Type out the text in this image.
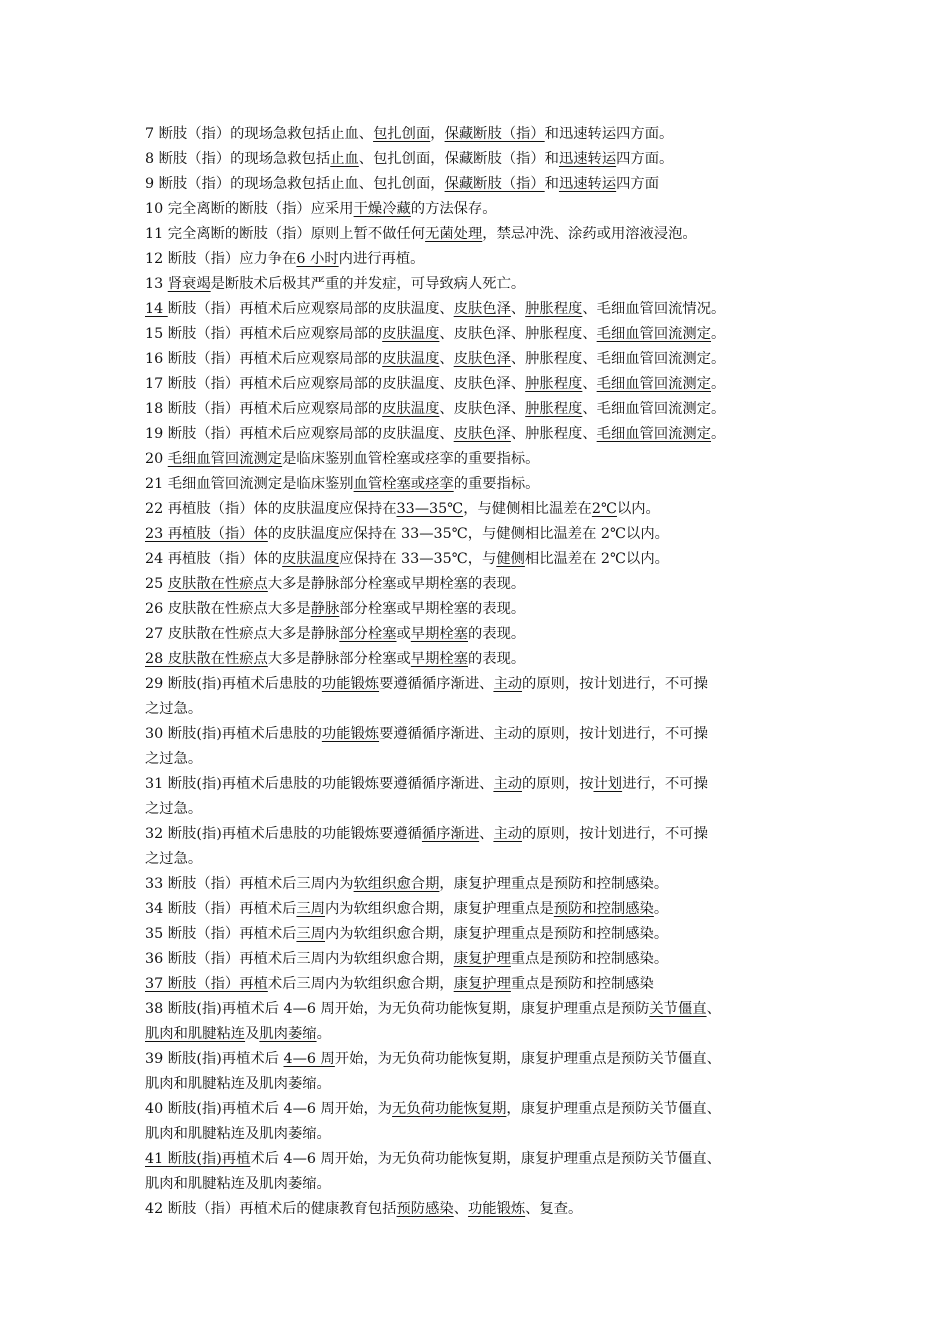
7 断肢（指）的现场急救包括止血、包扎创面，保藏断肢（指）和迅速转运四方面。
8 断肢（指）的现场急救包括止血、包扎创面，保藏断肢（指）和迅速转运四方面。
9 断肢（指）的现场急救包括止血、包扎创面，保藏断肢（指）和迅速转运四方面
10 完全离断的断肢（指）应采用干燥冷藏的方法保存。
11 完全离断的断肢（指）原则上暂不做任何无菌处理，禁忌冲洗、涂药或用溶液浸泡。
12 断肢（指）应力争在6 小时内进行再植。
13 肾衰竭是断肢术后极其严重的并发症，可导致病人死亡。
14 断肢（指）再植术后应观察局部的皮肤温度、皮肤色泽、肿胀程度、毛细血管回流情况。
15 断肢（指）再植术后应观察局部的皮肤温度、皮肤色泽、肿胀程度、毛细血管回流测定。
16 断肢（指）再植术后应观察局部的皮肤温度、皮肤色泽、肿胀程度、毛细血管回流测定。
17 断肢（指）再植术后应观察局部的皮肤温度、皮肤色泽、肿胀程度、毛细血管回流测定。
18 断肢（指）再植术后应观察局部的皮肤温度、皮肤色泽、肿胀程度、毛细血管回流测定。
19 断肢（指）再植术后应观察局部的皮肤温度、皮肤色泽、肿胀程度、毛细血管回流测定。
20 毛细血管回流测定是临床鉴别血管栓塞或痉挛的重要指标。
21 毛细血管回流测定是临床鉴别血管栓塞或痉挛的重要指标。
22 再植肢（指）体的皮肤温度应保持在33—35℃，与健侧相比温差在2℃以内。
23 再植肢（指）体的皮肤温度应保持在 33—35℃，与健侧相比温差在 2℃以内。
24 再植肢（指）体的皮肤温度应保持在 33—35℃，与健侧相比温差在 2℃以内。
25 皮肤散在性瘀点大多是静脉部分栓塞或早期栓塞的表现。
26 皮肤散在性瘀点大多是静脉部分栓塞或早期栓塞的表现。
27 皮肤散在性瘀点大多是静脉部分栓塞或早期栓塞的表现。
28 皮肤散在性瘀点大多是静脉部分栓塞或早期栓塞的表现。
29 断肢(指)再植术后患肢的功能锻炼要遵循循序渐进、主动的原则，按计划进行，不可操
之过急。
30 断肢(指)再植术后患肢的功能锻炼要遵循循序渐进、主动的原则，按计划进行，不可操
之过急。
31 断肢(指)再植术后患肢的功能锻炼要遵循循序渐进、主动的原则，按计划进行，不可操
之过急。
32 断肢(指)再植术后患肢的功能锻炼要遵循循序渐进、主动的原则，按计划进行，不可操
之过急。
33 断肢（指）再植术后三周内为软组织愈合期，康复护理重点是预防和控制感染。
34 断肢（指）再植术后三周内为软组织愈合期，康复护理重点是预防和控制感染。
35 断肢（指）再植术后三周内为软组织愈合期，康复护理重点是预防和控制感染。
36 断肢（指）再植术后三周内为软组织愈合期，康复护理重点是预防和控制感染。
37 断肢（指）再植术后三周内为软组织愈合期，康复护理重点是预防和控制感染
38 断肢(指)再植术后 4—6 周开始，为无负荷功能恢复期，康复护理重点是预防关节僵直、
肌肉和肌腱粘连及肌肉萎缩。
39 断肢(指)再植术后 4—6 周开始，为无负荷功能恢复期，康复护理重点是预防关节僵直、
肌肉和肌腱粘连及肌肉萎缩。
40 断肢(指)再植术后 4—6 周开始，为无负荷功能恢复期，康复护理重点是预防关节僵直、
肌肉和肌腱粘连及肌肉萎缩。
41 断肢(指)再植术后 4—6 周开始，为无负荷功能恢复期，康复护理重点是预防关节僵直、
肌肉和肌腱粘连及肌肉萎缩。
42 断肢（指）再植术后的健康教育包括预防感染、功能锻炼、复查。
